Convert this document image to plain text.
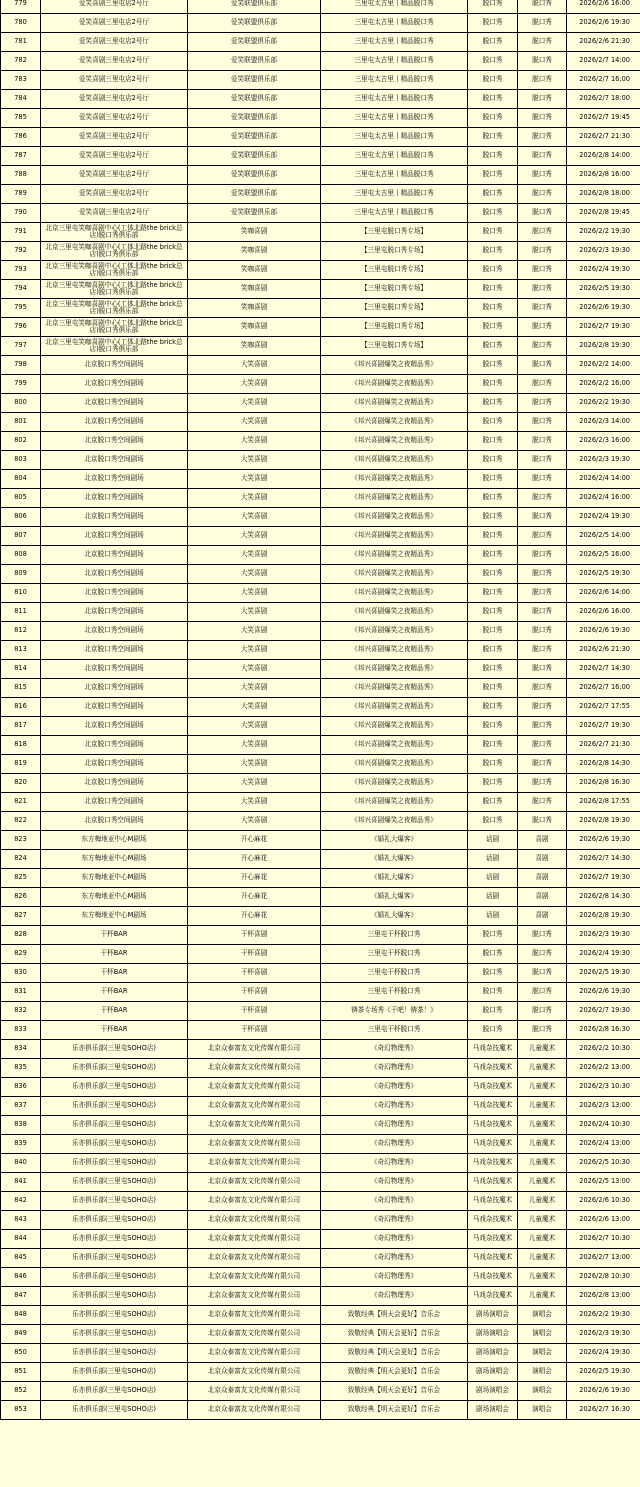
779	爱笑喜剧三里屯店2号厅	爱笑联盟俱乐部	三里屯太古里丨精品脱口秀	脱口秀	脱口秀	2026/2/6 16:00
780	爱笑喜剧三里屯店2号厅	爱笑联盟俱乐部	三里屯太古里丨精品脱口秀	脱口秀	脱口秀	2026/2/6 19:30
781	爱笑喜剧三里屯店2号厅	爱笑联盟俱乐部	三里屯太古里丨精品脱口秀	脱口秀	脱口秀	2026/2/6 21:30
782	爱笑喜剧三里屯店2号厅	爱笑联盟俱乐部	三里屯太古里丨精品脱口秀	脱口秀	脱口秀	2026/2/7 14:00
783	爱笑喜剧三里屯店2号厅	爱笑联盟俱乐部	三里屯太古里丨精品脱口秀	脱口秀	脱口秀	2026/2/7 16:00
784	爱笑喜剧三里屯店2号厅	爱笑联盟俱乐部	三里屯太古里丨精品脱口秀	脱口秀	脱口秀	2026/2/7 18:00
785	爱笑喜剧三里屯店2号厅	爱笑联盟俱乐部	三里屯太古里丨精品脱口秀	脱口秀	脱口秀	2026/2/7 19:45
786	爱笑喜剧三里屯店2号厅	爱笑联盟俱乐部	三里屯太古里丨精品脱口秀	脱口秀	脱口秀	2026/2/7 21:30
787	爱笑喜剧三里屯店2号厅	爱笑联盟俱乐部	三里屯太古里丨精品脱口秀	脱口秀	脱口秀	2026/2/8 14:00
788	爱笑喜剧三里屯店2号厅	爱笑联盟俱乐部	三里屯太古里丨精品脱口秀	脱口秀	脱口秀	2026/2/8 16:00
789	爱笑喜剧三里屯店2号厅	爱笑联盟俱乐部	三里屯太古里丨精品脱口秀	脱口秀	脱口秀	2026/2/8 18:00
790	爱笑喜剧三里屯店2号厅	爱笑联盟俱乐部	三里屯太古里丨精品脱口秀	脱口秀	脱口秀	2026/2/8 19:45
791	北京三里屯笑咖喜剧中心(工体北路the brick总店)脱口秀俱乐部	笑咖喜剧	【三里屯脱口秀专场】	脱口秀	脱口秀	2026/2/2 19:30
792	北京三里屯笑咖喜剧中心(工体北路the brick总店)脱口秀俱乐部	笑咖喜剧	【三里屯脱口秀专场】	脱口秀	脱口秀	2026/2/3 19:30
793	北京三里屯笑咖喜剧中心(工体北路the brick总店)脱口秀俱乐部	笑咖喜剧	【三里屯脱口秀专场】	脱口秀	脱口秀	2026/2/4 19:30
794	北京三里屯笑咖喜剧中心(工体北路the brick总店)脱口秀俱乐部	笑咖喜剧	【三里屯脱口秀专场】	脱口秀	脱口秀	2026/2/5 19:30
795	北京三里屯笑咖喜剧中心(工体北路the brick总店)脱口秀俱乐部	笑咖喜剧	【三里屯脱口秀专场】	脱口秀	脱口秀	2026/2/6 19:30
796	北京三里屯笑咖喜剧中心(工体北路the brick总店)脱口秀俱乐部	笑咖喜剧	【三里屯脱口秀专场】	脱口秀	脱口秀	2026/2/7 19:30
797	北京三里屯笑咖喜剧中心(工体北路the brick总店)脱口秀俱乐部	笑咖喜剧	【三里屯脱口秀专场】	脱口秀	脱口秀	2026/2/8 19:30
798	北京脱口秀空间剧场	大笑喜剧	《邦兴喜剧爆笑之夜精品秀》	脱口秀	脱口秀	2026/2/2 14:00
799	北京脱口秀空间剧场	大笑喜剧	《邦兴喜剧爆笑之夜精品秀》	脱口秀	脱口秀	2026/2/2 16:00
800	北京脱口秀空间剧场	大笑喜剧	《邦兴喜剧爆笑之夜精品秀》	脱口秀	脱口秀	2026/2/2 19:30
801	北京脱口秀空间剧场	大笑喜剧	《邦兴喜剧爆笑之夜精品秀》	脱口秀	脱口秀	2026/2/3 14:00
802	北京脱口秀空间剧场	大笑喜剧	《邦兴喜剧爆笑之夜精品秀》	脱口秀	脱口秀	2026/2/3 16:00
803	北京脱口秀空间剧场	大笑喜剧	《邦兴喜剧爆笑之夜精品秀》	脱口秀	脱口秀	2026/2/3 19:30
804	北京脱口秀空间剧场	大笑喜剧	《邦兴喜剧爆笑之夜精品秀》	脱口秀	脱口秀	2026/2/4 14:00
805	北京脱口秀空间剧场	大笑喜剧	《邦兴喜剧爆笑之夜精品秀》	脱口秀	脱口秀	2026/2/4 16:00
806	北京脱口秀空间剧场	大笑喜剧	《邦兴喜剧爆笑之夜精品秀》	脱口秀	脱口秀	2026/2/4 19:30
807	北京脱口秀空间剧场	大笑喜剧	《邦兴喜剧爆笑之夜精品秀》	脱口秀	脱口秀	2026/2/5 14:00
808	北京脱口秀空间剧场	大笑喜剧	《邦兴喜剧爆笑之夜精品秀》	脱口秀	脱口秀	2026/2/5 16:00
809	北京脱口秀空间剧场	大笑喜剧	《邦兴喜剧爆笑之夜精品秀》	脱口秀	脱口秀	2026/2/5 19:30
810	北京脱口秀空间剧场	大笑喜剧	《邦兴喜剧爆笑之夜精品秀》	脱口秀	脱口秀	2026/2/6 14:00
811	北京脱口秀空间剧场	大笑喜剧	《邦兴喜剧爆笑之夜精品秀》	脱口秀	脱口秀	2026/2/6 16:00
812	北京脱口秀空间剧场	大笑喜剧	《邦兴喜剧爆笑之夜精品秀》	脱口秀	脱口秀	2026/2/6 19:30
813	北京脱口秀空间剧场	大笑喜剧	《邦兴喜剧爆笑之夜精品秀》	脱口秀	脱口秀	2026/2/6 21:30
814	北京脱口秀空间剧场	大笑喜剧	《邦兴喜剧爆笑之夜精品秀》	脱口秀	脱口秀	2026/2/7 14:30
815	北京脱口秀空间剧场	大笑喜剧	《邦兴喜剧爆笑之夜精品秀》	脱口秀	脱口秀	2026/2/7 16:00
816	北京脱口秀空间剧场	大笑喜剧	《邦兴喜剧爆笑之夜精品秀》	脱口秀	脱口秀	2026/2/7 17:55
817	北京脱口秀空间剧场	大笑喜剧	《邦兴喜剧爆笑之夜精品秀》	脱口秀	脱口秀	2026/2/7 19:30
818	北京脱口秀空间剧场	大笑喜剧	《邦兴喜剧爆笑之夜精品秀》	脱口秀	脱口秀	2026/2/7 21:30
819	北京脱口秀空间剧场	大笑喜剧	《邦兴喜剧爆笑之夜精品秀》	脱口秀	脱口秀	2026/2/8 14:30
820	北京脱口秀空间剧场	大笑喜剧	《邦兴喜剧爆笑之夜精品秀》	脱口秀	脱口秀	2026/2/8 16:30
821	北京脱口秀空间剧场	大笑喜剧	《邦兴喜剧爆笑之夜精品秀》	脱口秀	脱口秀	2026/2/8 17:55
822	北京脱口秀空间剧场	大笑喜剧	《邦兴喜剧爆笑之夜精品秀》	脱口秀	脱口秀	2026/2/8 19:30
823	东方梅地亚中心M剧场	开心麻花	《婚礼大爆客》	话剧	喜剧	2026/2/6 19:30
824	东方梅地亚中心M剧场	开心麻花	《婚礼大爆客》	话剧	喜剧	2026/2/7 14:30
825	东方梅地亚中心M剧场	开心麻花	《婚礼大爆客》	话剧	喜剧	2026/2/7 19:30
826	东方梅地亚中心M剧场	开心麻花	《婚礼大爆客》	话剧	喜剧	2026/2/8 14:30
827	东方梅地亚中心M剧场	开心麻花	《婚礼大爆客》	话剧	喜剧	2026/2/8 19:30
828	干杯BAR	干杯喜剧	三里屯干杯脱口秀	脱口秀	脱口秀	2026/2/3 19:30
829	干杯BAR	干杯喜剧	三里屯干杯脱口秀	脱口秀	脱口秀	2026/2/4 19:30
830	干杯BAR	干杯喜剧	三里屯干杯脱口秀	脱口秀	脱口秀	2026/2/5 19:30
831	干杯BAR	干杯喜剧	三里屯干杯脱口秀	脱口秀	脱口秀	2026/2/6 19:30
832	干杯BAR	干杯喜剧	锛茶专场秀《干吧！锛茶！》	脱口秀	脱口秀	2026/2/7 19:30
833	干杯BAR	干杯喜剧	三里屯干杯脱口秀	脱口秀	脱口秀	2026/2/8 16:30
834	乐亦俱乐部(三里屯SOHO店)	北京众泰富友文化传媒有限公司	《奇幻物理秀》	马戏杂技魔术	儿童魔术	2026/2/2 10:30
835	乐亦俱乐部(三里屯SOHO店)	北京众泰富友文化传媒有限公司	《奇幻物理秀》	马戏杂技魔术	儿童魔术	2026/2/2 13:00
836	乐亦俱乐部(三里屯SOHO店)	北京众泰富友文化传媒有限公司	《奇幻物理秀》	马戏杂技魔术	儿童魔术	2026/2/3 10:30
837	乐亦俱乐部(三里屯SOHO店)	北京众泰富友文化传媒有限公司	《奇幻物理秀》	马戏杂技魔术	儿童魔术	2026/2/3 13:00
838	乐亦俱乐部(三里屯SOHO店)	北京众泰富友文化传媒有限公司	《奇幻物理秀》	马戏杂技魔术	儿童魔术	2026/2/4 10:30
839	乐亦俱乐部(三里屯SOHO店)	北京众泰富友文化传媒有限公司	《奇幻物理秀》	马戏杂技魔术	儿童魔术	2026/2/4 13:00
840	乐亦俱乐部(三里屯SOHO店)	北京众泰富友文化传媒有限公司	《奇幻物理秀》	马戏杂技魔术	儿童魔术	2026/2/5 10:30
841	乐亦俱乐部(三里屯SOHO店)	北京众泰富友文化传媒有限公司	《奇幻物理秀》	马戏杂技魔术	儿童魔术	2026/2/5 13:00
842	乐亦俱乐部(三里屯SOHO店)	北京众泰富友文化传媒有限公司	《奇幻物理秀》	马戏杂技魔术	儿童魔术	2026/2/6 10:30
843	乐亦俱乐部(三里屯SOHO店)	北京众泰富友文化传媒有限公司	《奇幻物理秀》	马戏杂技魔术	儿童魔术	2026/2/6 13:00
844	乐亦俱乐部(三里屯SOHO店)	北京众泰富友文化传媒有限公司	《奇幻物理秀》	马戏杂技魔术	儿童魔术	2026/2/7 10:30
845	乐亦俱乐部(三里屯SOHO店)	北京众泰富友文化传媒有限公司	《奇幻物理秀》	马戏杂技魔术	儿童魔术	2026/2/7 13:00
846	乐亦俱乐部(三里屯SOHO店)	北京众泰富友文化传媒有限公司	《奇幻物理秀》	马戏杂技魔术	儿童魔术	2026/2/8 10:30
847	乐亦俱乐部(三里屯SOHO店)	北京众泰富友文化传媒有限公司	《奇幻物理秀》	马戏杂技魔术	儿童魔术	2026/2/8 13:00
848	乐亦俱乐部(三里屯SOHO店)	北京众泰富友文化传媒有限公司	致敬经典【明天会更好】音乐会	剧场演唱会	演唱会	2026/2/2 19:30
849	乐亦俱乐部(三里屯SOHO店)	北京众泰富友文化传媒有限公司	致敬经典【明天会更好】音乐会	剧场演唱会	演唱会	2026/2/3 19:30
850	乐亦俱乐部(三里屯SOHO店)	北京众泰富友文化传媒有限公司	致敬经典【明天会更好】音乐会	剧场演唱会	演唱会	2026/2/4 19:30
851	乐亦俱乐部(三里屯SOHO店)	北京众泰富友文化传媒有限公司	致敬经典【明天会更好】音乐会	剧场演唱会	演唱会	2026/2/5 19:30
852	乐亦俱乐部(三里屯SOHO店)	北京众泰富友文化传媒有限公司	致敬经典【明天会更好】音乐会	剧场演唱会	演唱会	2026/2/6 19:30
853	乐亦俱乐部(三里屯SOHO店)	北京众泰富友文化传媒有限公司	致敬经典【明天会更好】音乐会	剧场演唱会	演唱会	2026/2/7 16:30
